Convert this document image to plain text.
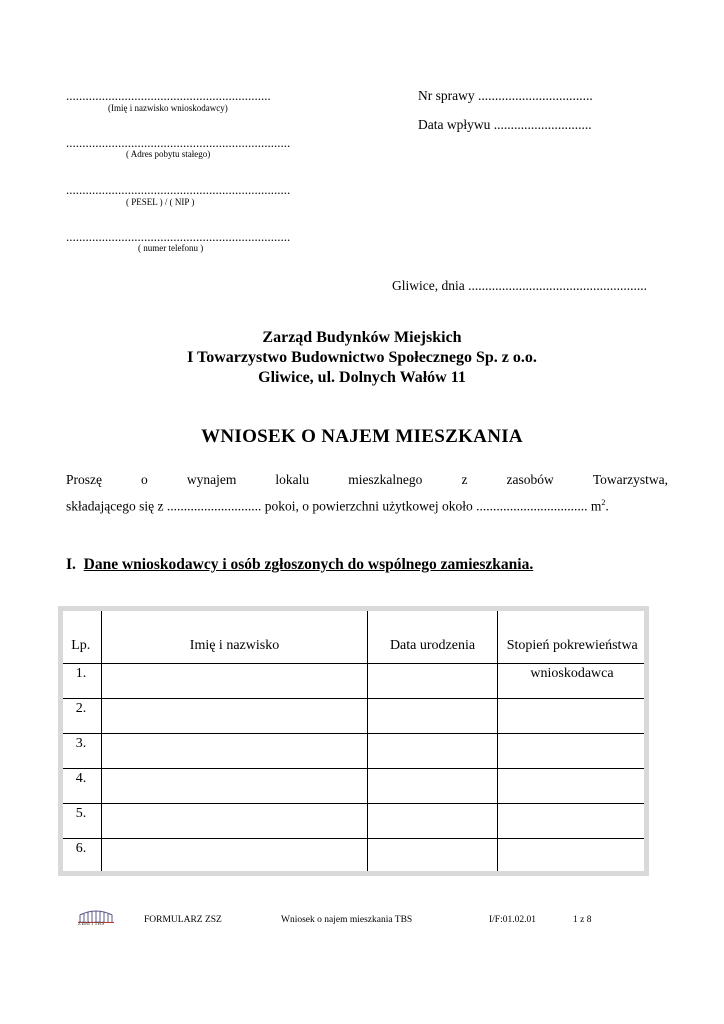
...............................................................
(Imię i nazwisko wnioskodawcy)
.....................................................................
( Adres pobytu stałego)
.....................................................................
( PESEL ) / ( NIP )
.....................................................................
( numer telefonu )
Nr sprawy ..................................
Data wpływu .............................
Gliwice, dnia .....................................................
Zarząd Budynków Miejskich
I Towarzystwo Budownictwo Społecznego Sp. z o.o.
Gliwice, ul. Dolnych Wałów 11
WNIOSEK O NAJEM MIESZKANIA
Proszę	o	wynajem	lokalu	mieszkalnego	z	zasobów	Towarzystwa,
składającego się z ............................ pokoi, o powierzchni użytkowej około ................................. $m^2$.
I. Dane wnioskodawcy i osób zgłoszonych do wspólnego zamieszkania.
Lp.	Imię i nazwisko	Data urodzenia	Stopień pokrewieństwa
1.			wnioskodawca
2.			
3.			
4.			
5.			
6.			
ZBM I TBS	FORMULARZ ZSZ	Wniosek o najem mieszkania TBS	I/F:01.02.01	1 z 8
